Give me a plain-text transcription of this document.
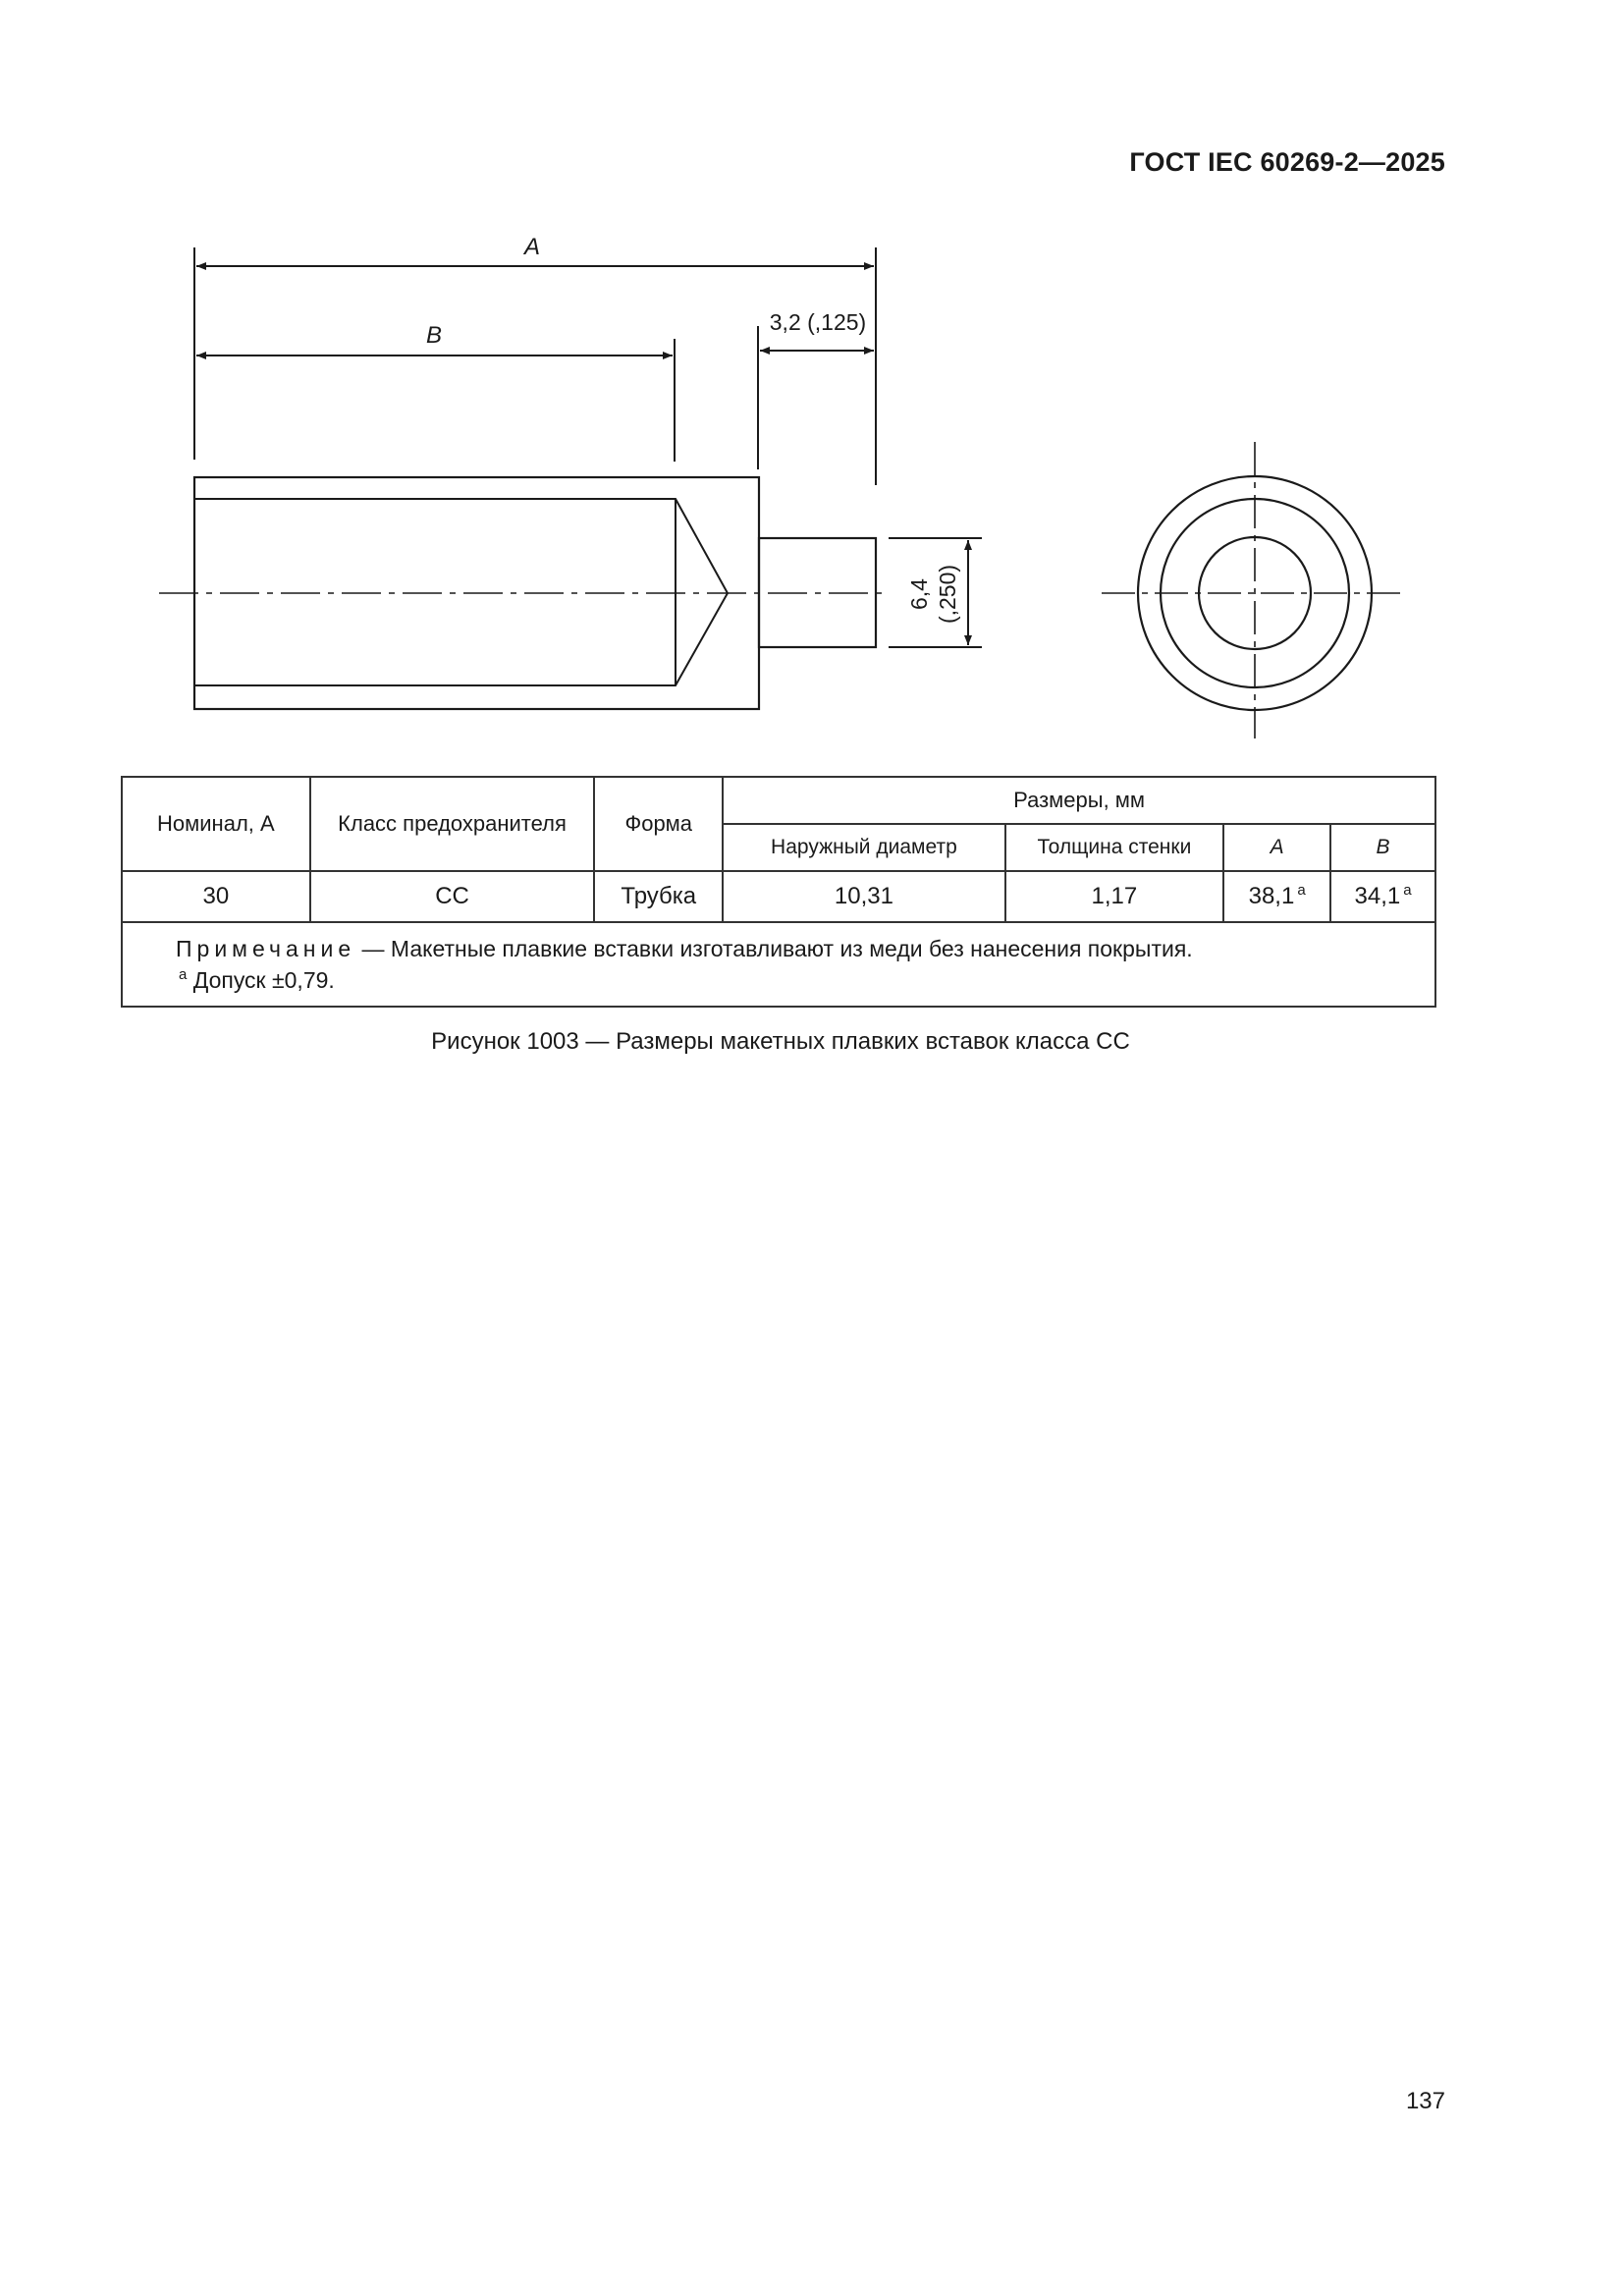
ГОСТ IEC 60269-2—2025
A
B	3,2 (,125)
6,4 (,250)
Номинал, А	Класс предохранителя	Форма	Размеры, мм			
			Наружный диаметр	Толщина стенки	A	B
30	СС	Трубка	10,31	1,17	38,1 $^a$	34,1 $^a$
Примечание — Макетные плавкие вставки изготавливают из меди без нанесения покрытия.
$^a$ Допуск ±0,79.						
Рисунок 1003 — Размеры макетных плавких вставок класса СС
137
